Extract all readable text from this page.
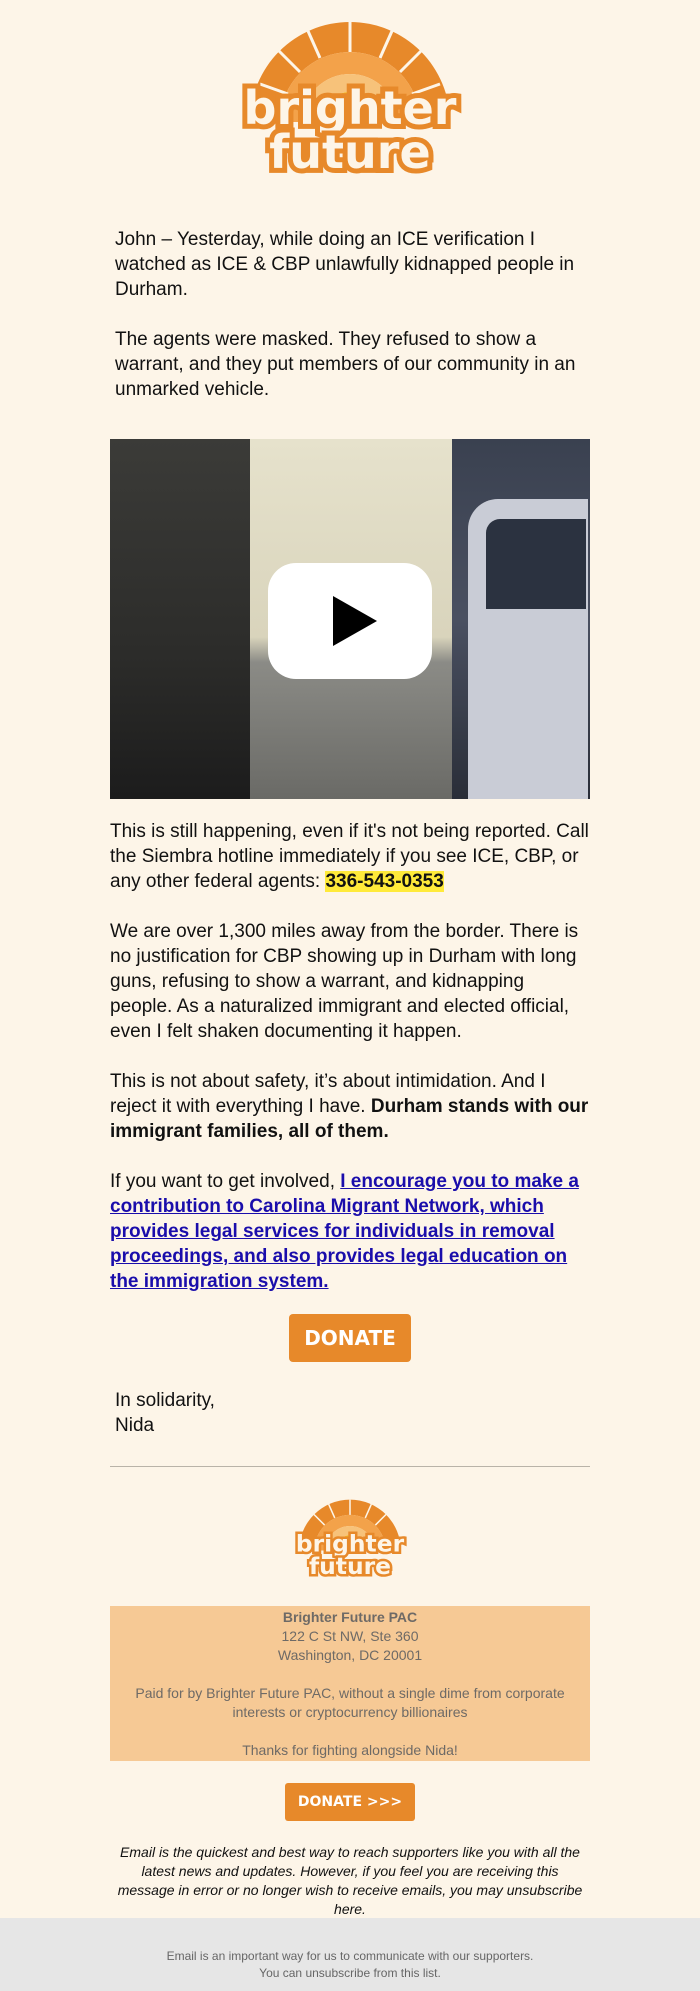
brighter
future

John – Yesterday, while doing an ICE verification I watched as ICE & CBP unlawfully kidnapped people in Durham.

The agents were masked. They refused to show a warrant, and they put members of our community in an unmarked vehicle.

This is still happening, even if it's not being reported. Call the Siembra hotline immediately if you see ICE, CBP, or any other federal agents: 336-543-0353

We are over 1,300 miles away from the border. There is no justification for CBP showing up in Durham with long guns, refusing to show a warrant, and kidnapping people. As a naturalized immigrant and elected official, even I felt shaken documenting it happen.

This is not about safety, it’s about intimidation. And I reject it with everything I have. Durham stands with our immigrant families, all of them.

If you want to get involved, I encourage you to make a contribution to Carolina Migrant Network, which provides legal services for individuals in removal proceedings, and also provides legal education on the immigration system.

DONATE
In solidarity,
Nida
brighter
future
Brighter Future PAC
122 C St NW, Ste 360
Washington, DC 20001
Paid for by Brighter Future PAC, without a single dime from corporate interests or cryptocurrency billionaires
Thanks for fighting alongside Nida!
DONATE >>>

Email is the quickest and best way to reach supporters like you with all the latest news and updates. However, if you feel you are receiving this message in error or no longer wish to receive emails, you may unsubscribe here.

Email is an important way for us to communicate with our supporters.
You can unsubscribe from this list.
